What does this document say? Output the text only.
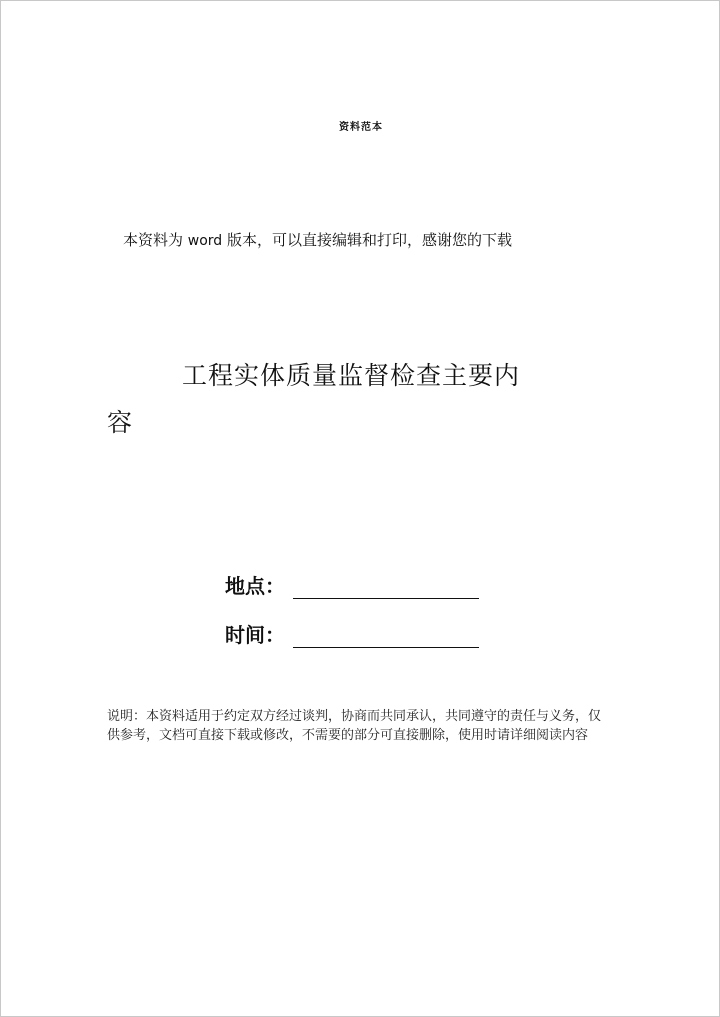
资料范本
本资料为 word 版本，可以直接编辑和打印，感谢您的下载
工程实体质量监督检查主要内
容
地点：
时间：
说明：本资料适用于约定双方经过谈判，协商而共同承认，共同遵守的责任与义务，仅供参考，文档可直接下载或修改，不需要的部分可直接删除，使用时请详细阅读内容
